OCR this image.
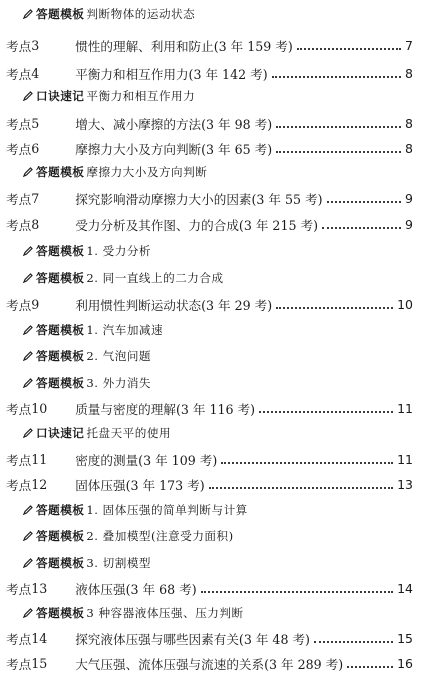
答题模板 判断物体的运动状态
考点 3	惯性的理解、利用和防止(3 年 159 考)	7
考点 4	平衡力和相互作用力(3 年 142 考)	8
口诀速记 平衡力和相互作用力
考点 5	增大、减小摩擦的方法(3 年 98 考)	8
考点 6	摩擦力大小及方向判断(3 年 65 考)	8
答题模板 摩擦力大小及方向判断
考点 7	探究影响滑动摩擦力大小的因素(3 年 55 考)	9
考点 8	受力分析及其作图、力的合成(3 年 215 考)	9
答题模板 1. 受力分析
答题模板 2. 同一直线上的二力合成
考点 9	利用惯性判断运动状态(3 年 29 考)	10
答题模板 1. 汽车加减速
答题模板 2. 气泡问题
答题模板 3. 外力消失
考点 10	质量与密度的理解(3 年 116 考)	11
口诀速记 托盘天平的使用
考点 11	密度的测量(3 年 109 考)	11
考点 12	固体压强(3 年 173 考)	13
答题模板 1. 固体压强的简单判断与计算
答题模板 2. 叠加模型(注意受力面积)
答题模板 3. 切割模型
考点 13	液体压强(3 年 68 考)	14
答题模板 3 种容器液体压强、压力判断
考点 14	探究液体压强与哪些因素有关(3 年 48 考)	15
考点 15	大气压强、流体压强与流速的关系(3 年 289 考)	16
